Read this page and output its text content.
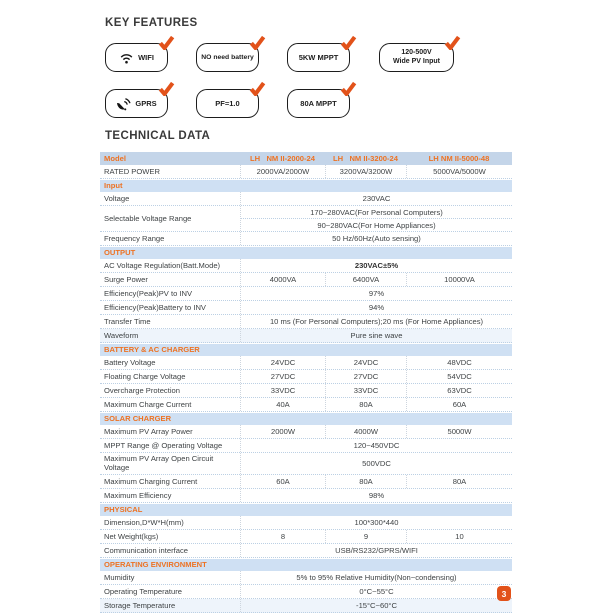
KEY FEATURES
WIFI	NO need battery	5KW MPPT
120-500V
Wide PV Input
GPRS	PF=1.0	80A MPPT
TECHNICAL DATA
Model	LH   NM II-2000-24	LH   NM II-3200-24	LH NM II-5000-48
RATED POWER	2000VA/2000W	3200VA/3200W	5000VA/5000W
Input
Voltage	230VAC
Selectable Voltage Range
170~280VAC(For Personal Computers)
90~280VAC(For Home Appliances)
Frequency Range	50 Hz/60Hz(Auto sensing)
OUTPUT
AC Voltage Regulation(Batt.Mode)	230VAC±5%
Surge Power	4000VA	6400VA	10000VA
Efficiency(Peak)PV to INV	97%
Efficiency(Peak)Battery to INV	94%
Transfer Time	10 ms (For Personal Computers);20 ms (For Home Appliances)
Waveform	Pure sine wave
BATTERY & AC CHARGER
Battery Voltage	24VDC	24VDC	48VDC
Floating Charge Voltage	27VDC	27VDC	54VDC
Overcharge Protection	33VDC	33VDC	63VDC
Maximum Charge Current	40A	80A	60A
SOLAR CHARGER
Maximum PV Array Power	2000W	4000W	5000W
MPPT Range @ Operating Voltage	120~450VDC
Maximum PV Array Open Circuit Voltage	500VDC
Maximum Charging Current	60A	80A	80A
Maximum Efficiency	98%
PHYSICAL
Dimension,D*W*H(mm)	100*300*440
Net Weight(kgs)	8	9	10
Communication interface	USB/RS232/GPRS/WIFI
OPERATING ENVIRONMENT
Mumidity	5% to 95% Relative Humidity(Non~condensing)
Operating Temperature	0°C~55°C
Storage Temperature	-15°C~60°C
3
